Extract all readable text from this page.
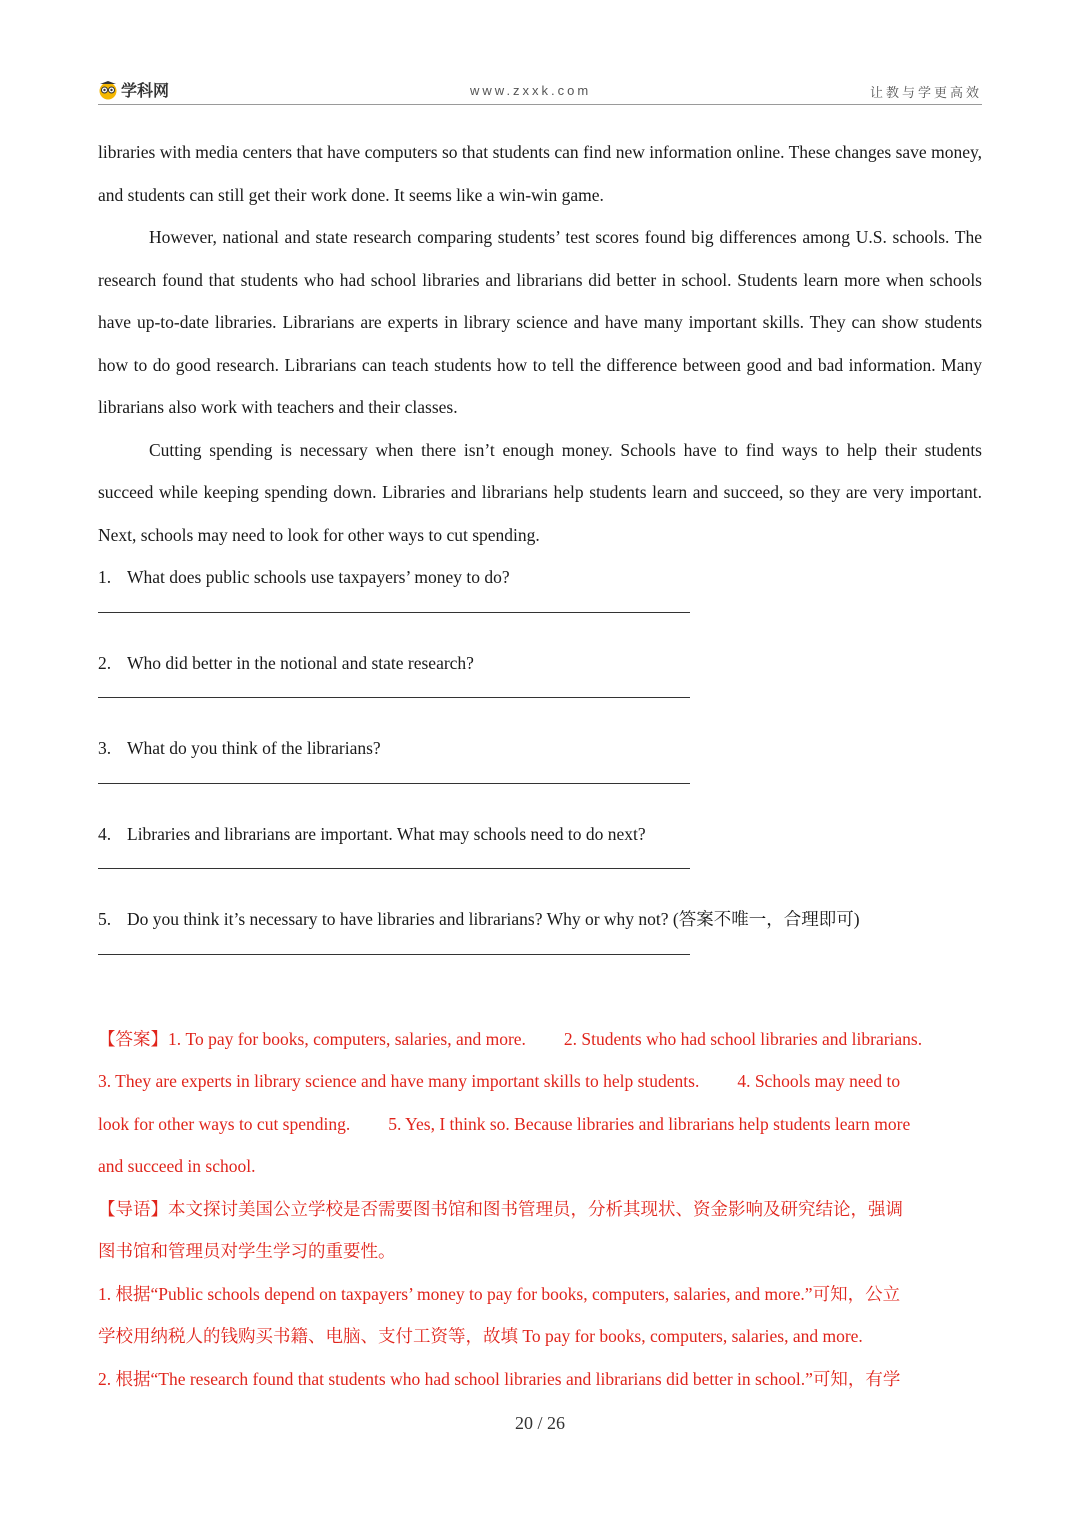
学科网	www.zxxk.com	让教与学更高效

libraries with media centers that have computers so that students can find new information online. These changes save money, and students can still get their work done. It seems like a win-win game.

However, national and state research comparing students’ test scores found big differences among U.S. schools. The research found that students who had school libraries and librarians did better in school. Students learn more when schools have up-to-date libraries. Librarians are experts in library science and have many important skills. They can show students how to do good research. Librarians can teach students how to tell the difference between good and bad information. Many librarians also work with teachers and their classes.

Cutting spending is necessary when there isn’t enough money. Schools have to find ways to help their students succeed while keeping spending down. Libraries and librarians help students learn and succeed, so they are very important. Next, schools may need to look for other ways to cut spending.

1. What does public schools use taxpayers’ money to do?

2. Who did better in the notional and state research?

3. What do you think of the librarians?

4. Libraries and librarians are important. What may schools need to do next?

5. Do you think it’s necessary to have libraries and librarians? Why or why not? (答案不唯一，合理即可)

【答案】1. To pay for books, computers, salaries, and more. 2. Students who had school libraries and librarians.

3. They are experts in library science and have many important skills to help students. 4. Schools may need to

look for other ways to cut spending. 5. Yes, I think so. Because libraries and librarians help students learn more

and succeed in school.

【导语】本文探讨美国公立学校是否需要图书馆和图书管理员，分析其现状、资金影响及研究结论，强调

图书馆和管理员对学生学习的重要性。

1. 根据“Public schools depend on taxpayers’ money to pay for books, computers, salaries, and more.”可知，公立

学校用纳税人的钱购买书籍、电脑、支付工资等，故填 To pay for books, computers, salaries, and more.

2. 根据“The research found that students who had school libraries and librarians did better in school.”可知，有学

20 / 26
